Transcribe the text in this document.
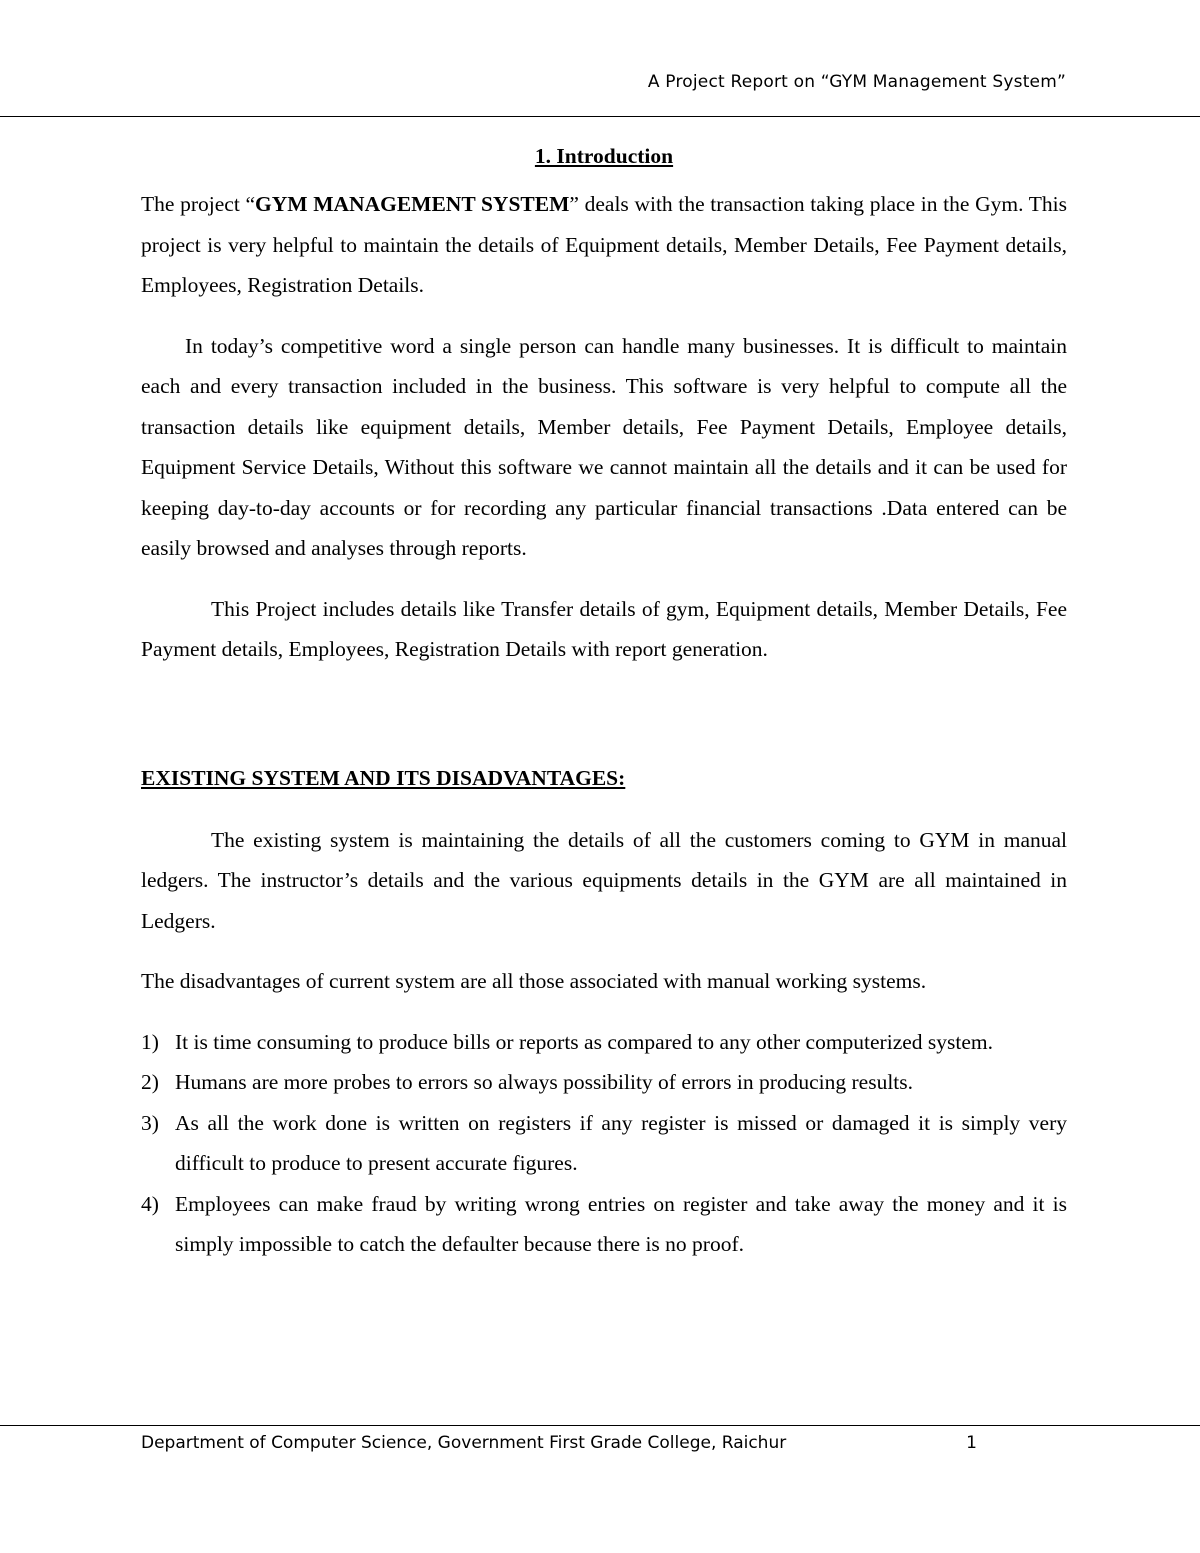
A Project Report on “GYM Management System”
1. Introduction

The project “GYM MANAGEMENT SYSTEM” deals with the transaction taking place in the Gym. This project is very helpful to maintain the details of Equipment details, Member Details, Fee Payment details, Employees, Registration Details.

In today’s competitive word a single person can handle many businesses. It is difficult to maintain each and every transaction included in the business. This software is very helpful to compute all the transaction details like equipment details, Member details, Fee Payment Details, Employee details, Equipment Service Details, Without this software we cannot maintain all the details and it can be used for keeping day-to-day accounts or for recording any particular financial transactions .Data entered can be easily browsed and analyses through reports.

This Project includes details like Transfer details of gym, Equipment details, Member Details, Fee Payment details, Employees, Registration Details with report generation.

EXISTING SYSTEM AND ITS DISADVANTAGES:

The existing system is maintaining the details of all the customers coming to GYM in manual ledgers. The instructor’s details and the various equipments details in the GYM are all maintained in Ledgers.

The disadvantages of current system are all those associated with manual working systems.

1) It is time consuming to produce bills or reports as compared to any other computerized system.
2) Humans are more probes to errors so always possibility of errors in producing results.
3) As all the work done is written on registers if any register is missed or damaged it is simply very difficult to produce to present accurate figures.
4) Employees can make fraud by writing wrong entries on register and take away the money and it is simply impossible to catch the defaulter because there is no proof.
Department of Computer Science, Government First Grade College, Raichur	1
